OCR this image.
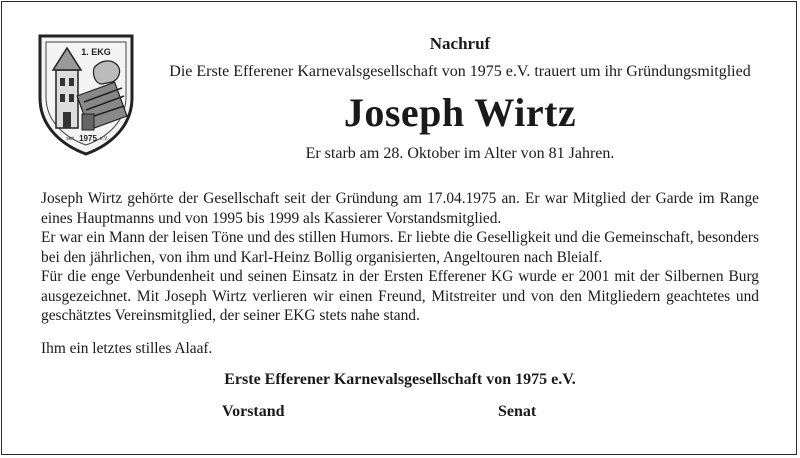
1. EKG
seit 1975 e.V.
Nachruf
Die Erste Efferener Karnevalsgesellschaft von 1975 e.V. trauert um ihr Gründungsmitglied
Joseph Wirtz
Er starb am 28. Oktober im Alter von 81 Jahren.

Joseph Wirtz gehörte der Gesellschaft seit der Gründung am 17.04.1975 an. Er war Mitglied der Garde im Range eines Hauptmanns und von 1995 bis 1999 als Kassierer Vorstandsmitglied.

Er war ein Mann der leisen Töne und des stillen Humors. Er liebte die Geselligkeit und die Gemeinschaft, besonders bei den jährlichen, von ihm und Karl-Heinz Bollig organisierten, Angeltouren nach Bleialf.

Für die enge Verbundenheit und seinen Einsatz in der Ersten Efferener KG wurde er 2001 mit der Silbernen Burg ausgezeichnet. Mit Joseph Wirtz verlieren wir einen Freund, Mitstreiter und von den Mitgliedern geachtetes und geschätztes Vereinsmitglied, der seiner EKG stets nahe stand.

Ihm ein letztes stilles Alaaf.
Erste Efferener Karnevalsgesellschaft von 1975 e.V.
Vorstand	Senat
